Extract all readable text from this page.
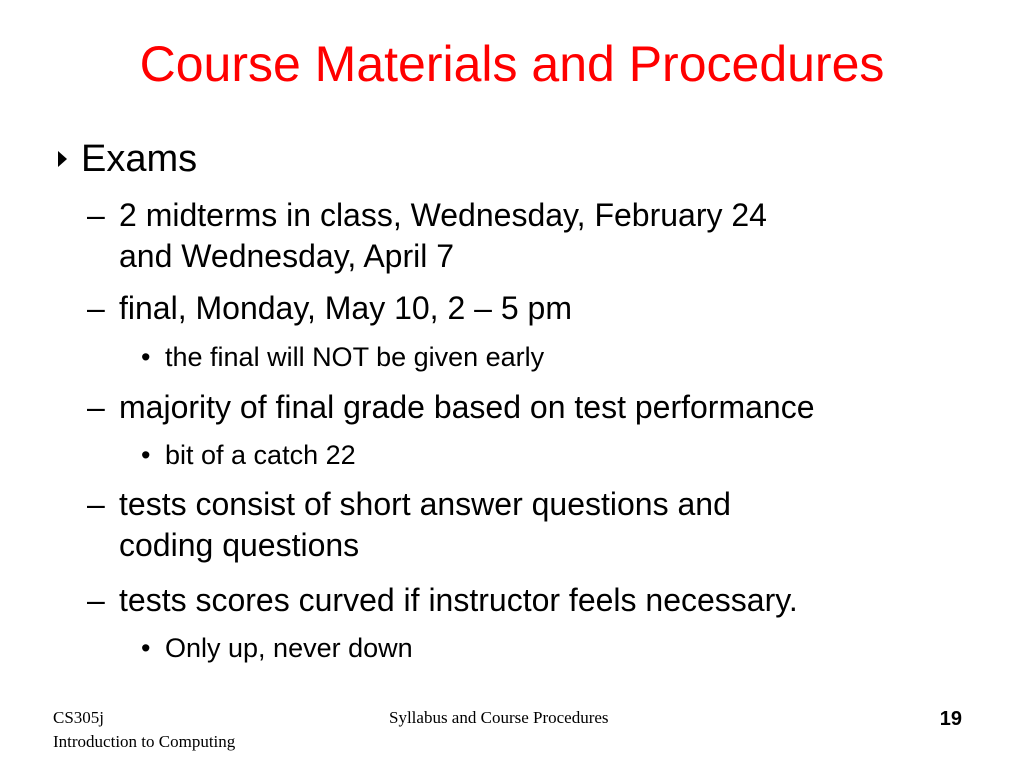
Course Materials and Procedures
Exams
– 2 midterms in class, Wednesday, February 24
and Wednesday, April 7
– final, Monday, May 10, 2 – 5 pm
• the final will NOT be given early
– majority of final grade based on test performance
• bit of a catch 22
– tests consist of short answer questions and
coding questions
– tests scores curved if instructor feels necessary.
• Only up, never down
CS305j
Introduction to Computing
Syllabus and Course Procedures	19
